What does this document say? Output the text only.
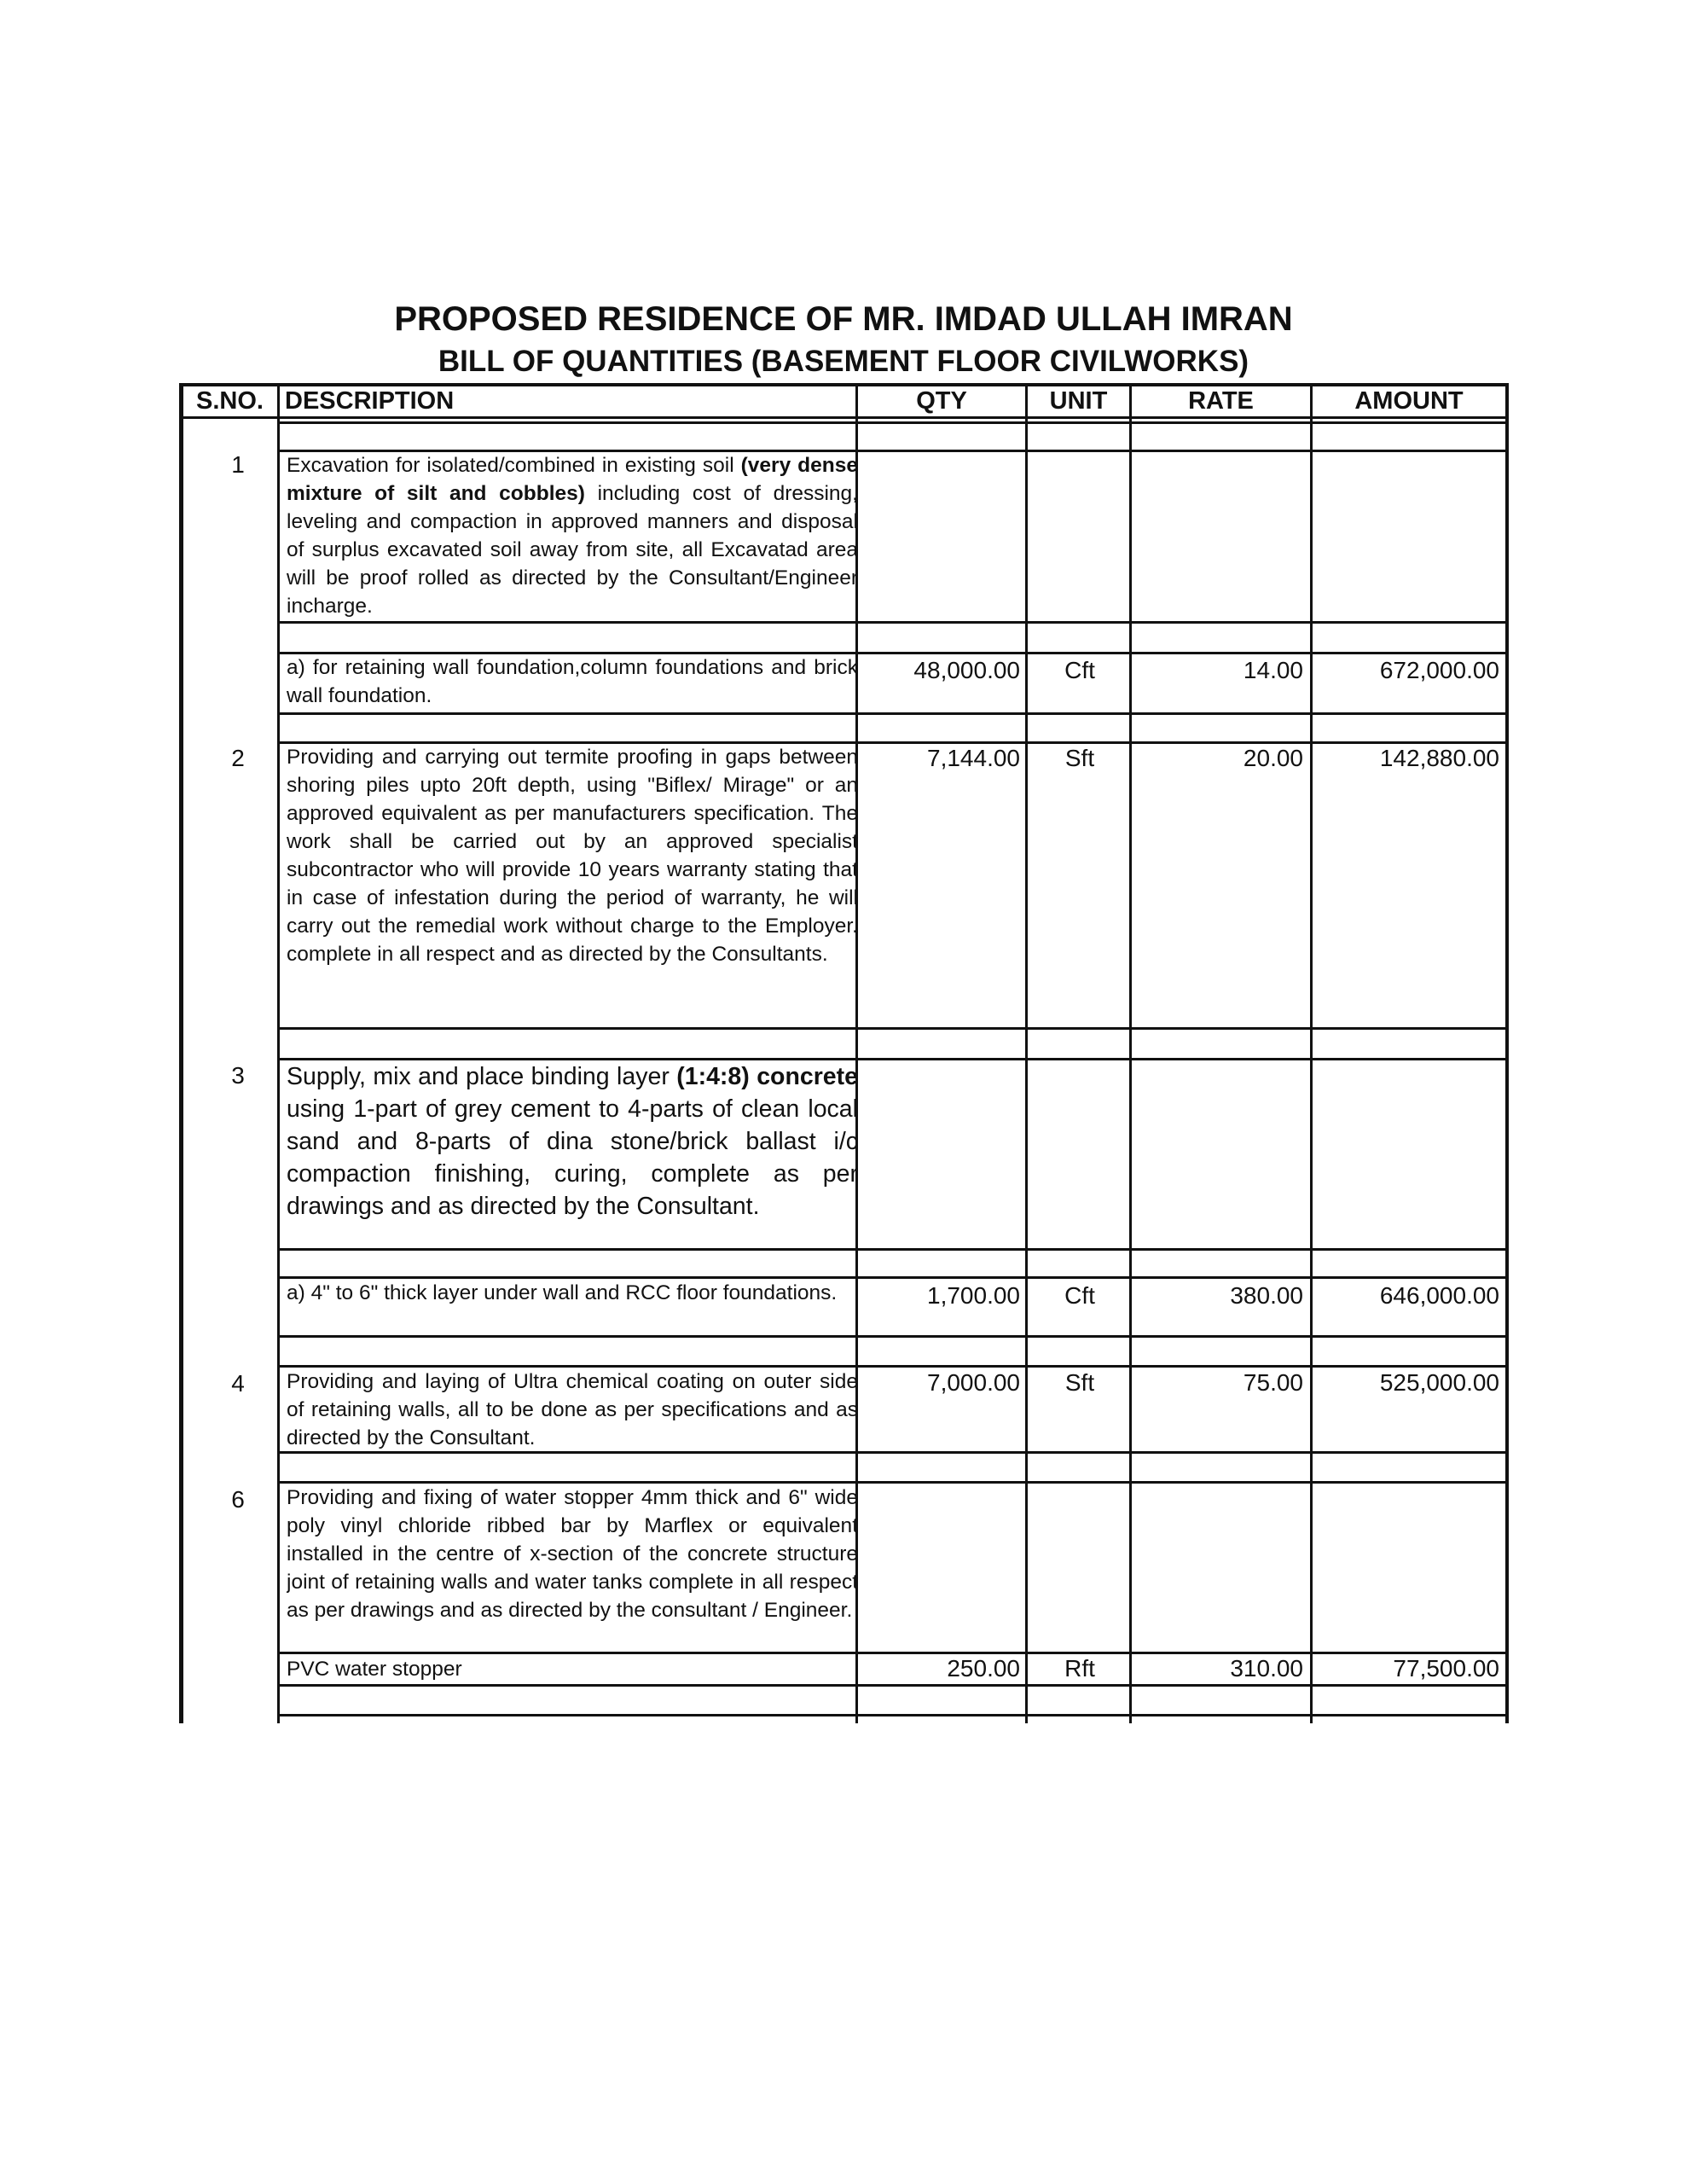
PROPOSED RESIDENCE OF MR. IMDAD ULLAH IMRAN
BILL OF QUANTITIES (BASEMENT FLOOR CIVILWORKS)
S.NO. DESCRIPTION	QTY	UNIT	RATE	AMOUNT
1	Excavation for isolated/combined in existing soil (very dense mixture of silt and cobbles) including cost of dressing, leveling and compaction in approved manners and disposal of surplus excavated soil away from site, all Excavatad area will be proof rolled as directed by the Consultant/Engineer incharge.
a) for retaining wall foundation,column foundations and brick wall foundation.
48,000.00	Cft	14.00	672,000.00
2	Providing and carrying out termite proofing in gaps between shoring piles upto 20ft depth, using "Biflex/ Mirage" or an approved equivalent as per manufacturers specification. The work shall be carried out by an approved specialist subcontractor who will provide 10 years warranty stating that in case of infestation during the period of warranty, he will carry out the remedial work without charge to the Employer. complete in all respect and as directed by the Consultants.
7,144.00	Sft	20.00	142,880.00
3	Supply, mix and place binding layer (1:4:8) concrete using 1-part of grey cement to 4-parts of clean local sand and 8-parts of dina stone/brick ballast i/c compaction finishing, curing, complete as per drawings and as directed by the Consultant.
a) 4" to 6" thick layer under wall and RCC floor foundations.	1,700.00	Cft	380.00	646,000.00
4	Providing and laying of Ultra chemical coating on outer side of retaining walls, all to be done as per specifications and as directed by the Consultant.
7,000.00	Sft	75.00	525,000.00
6	Providing and fixing of water stopper 4mm thick and 6" wide poly vinyl chloride ribbed bar by Marflex or equivalent installed in the centre of x-section of the concrete structure joint of retaining walls and water tanks complete in all respect as per drawings and as directed by the consultant / Engineer.
PVC water stopper	250.00	Rft	310.00	77,500.00
